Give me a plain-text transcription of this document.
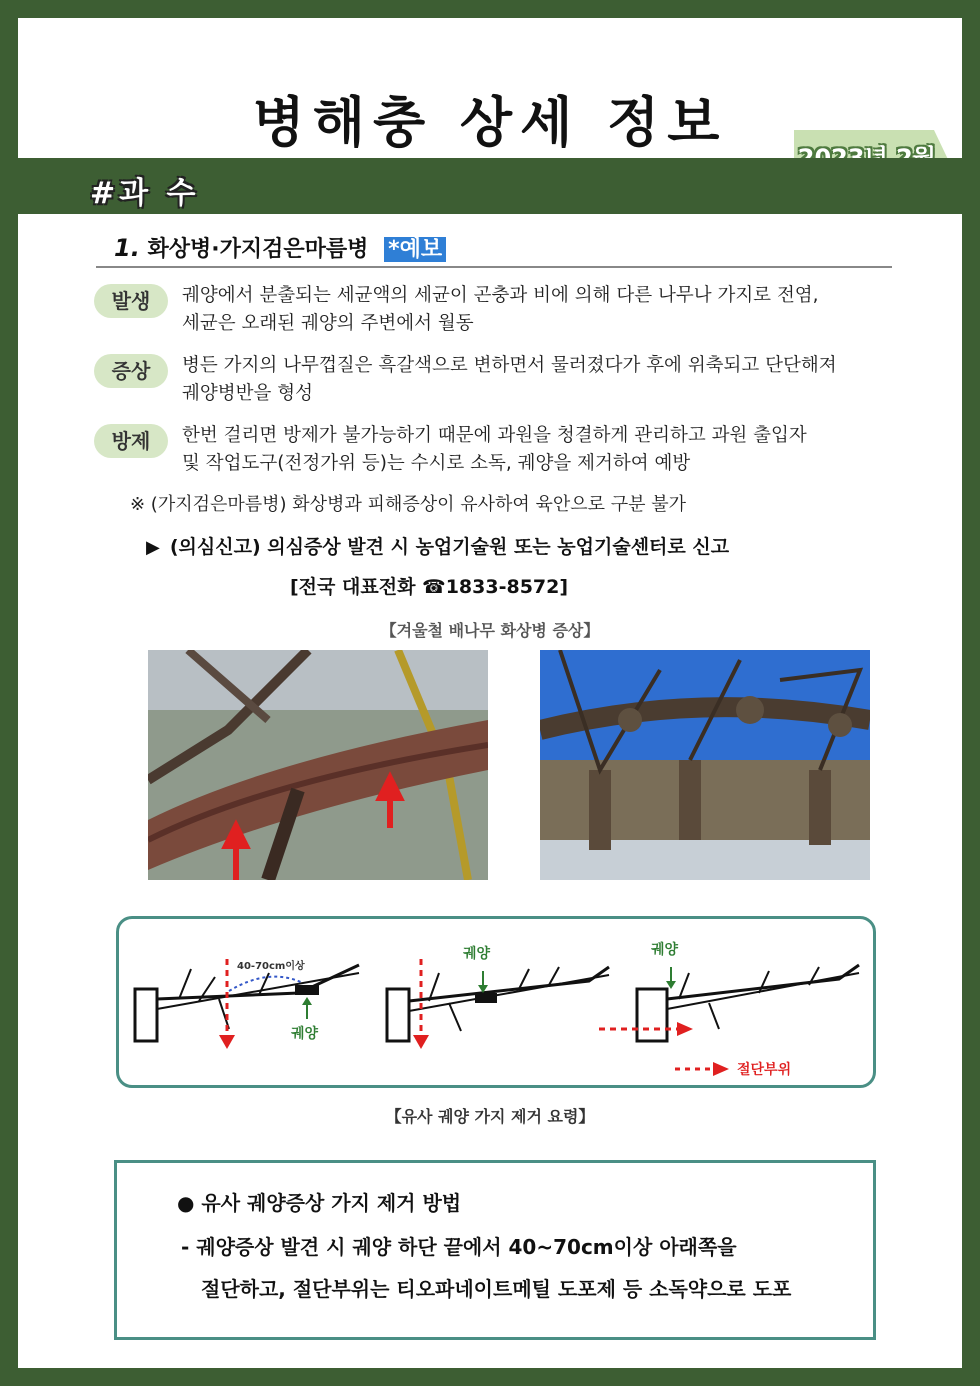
병해충 상세 정보
#과 수
1. 화상병·가지검은마름병 *예보
발생	궤양에서 분출되는 세균액의 세균이 곤충과 비에 의해 다른 나무나 가지로 전염,
세균은 오래된 궤양의 주변에서 월동
증상	병든 가지의 나무껍질은 흑갈색으로 변하면서 물러졌다가 후에 위축되고 단단해져
궤양병반을 형성
방제	한번 걸리면 방제가 불가능하기 때문에 과원을 청결하게 관리하고 과원 출입자
및 작업도구(전정가위 등)는 수시로 소독, 궤양을 제거하여 예방
※ (가지검은마름병) 화상병과 피해증상이 유사하여 육안으로 구분 불가
▶ (의심신고) 의심증상 발견 시 농업기술원 또는 농업기술센터로 신고
[전국 대표전화 ☎1833-8572]
【겨울철 배나무 화상병 증상】
40-70cm이상
궤양
궤양	궤양
절단부위
【유사 궤양 가지 제거 요령】
● 유사 궤양증상 가지 제거 방법
- 궤양증상 발견 시 궤양 하단 끝에서 40~70cm이상 아래쪽을
절단하고, 절단부위는 티오파네이트메틸 도포제 등 소독약으로 도포
